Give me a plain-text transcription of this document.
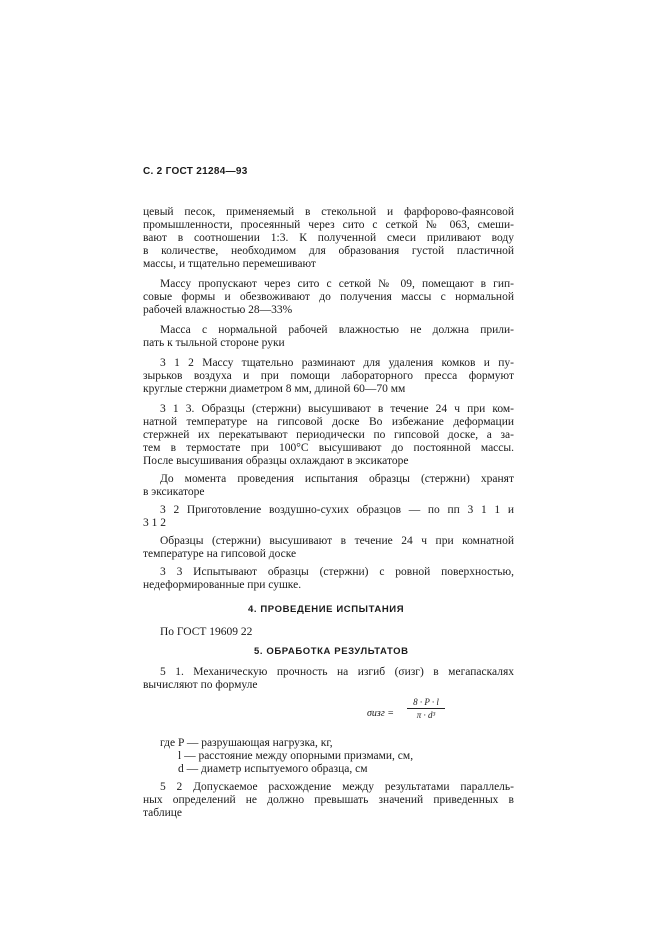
С. 2 ГОСТ 21284—93
цевый песок, применяемый в стекольной и фарфорово-фаянсовой
промышленности, просеянный через сито с сеткой № 063, смеши-
вают в соотношении 1:3. К полученной смеси приливают воду
в количестве, необходимом для образования густой пластичной
массы, и тщательно перемешивают
Массу пропускают через сито с сеткой № 09, помещают в гип-
совые формы и обезвоживают до получения массы с нормальной
рабочей влажностью 28—33%
Масса с нормальной рабочей влажностью не должна прили-
пать к тыльной стороне руки
3 1 2 Массу тщательно разминают для удаления комков и пу-
зырьков воздуха и при помощи лабораторного пресса формуют
круглые стержни диаметром 8 мм, длиной 60—70 мм
3 1 3. Образцы (стержни) высушивают в течение 24 ч при ком-
натной температуре на гипсовой доске Во избежание деформации
стержней их перекатывают периодически по гипсовой доске, а за-
тем в термостате при 100°С высушивают до постоянной массы.
После высушивания образцы охлаждают в эксикаторе
До момента проведения испытания образцы (стержни) хранят
в эксикаторе
3 2 Приготовление воздушно-сухих образцов — по пп 3 1 1 и
3 1 2
Образцы (стержни) высушивают в течение 24 ч при комнатной
температуре на гипсовой доске
3 3 Испытывают образцы (стержни) с ровной поверхностью,
недеформированные при сушке.
4. ПРОВЕДЕНИЕ ИСПЫТАНИЯ
По ГОСТ 19609 22
5. ОБРАБОТКА РЕЗУЛЬТАТОВ
5 1. Механическую прочность на изгиб (σизг) в мегапаскалях
вычисляют по формуле
σизг =
8 · P · l
π · d³
где P — разрушающая нагрузка, кг,
l — расстояние между опорными призмами, см,
d — диаметр испытуемого образца, см
5 2 Допускаемое расхождение между результатами параллель-
ных определений не должно превышать значений приведенных в
таблице
